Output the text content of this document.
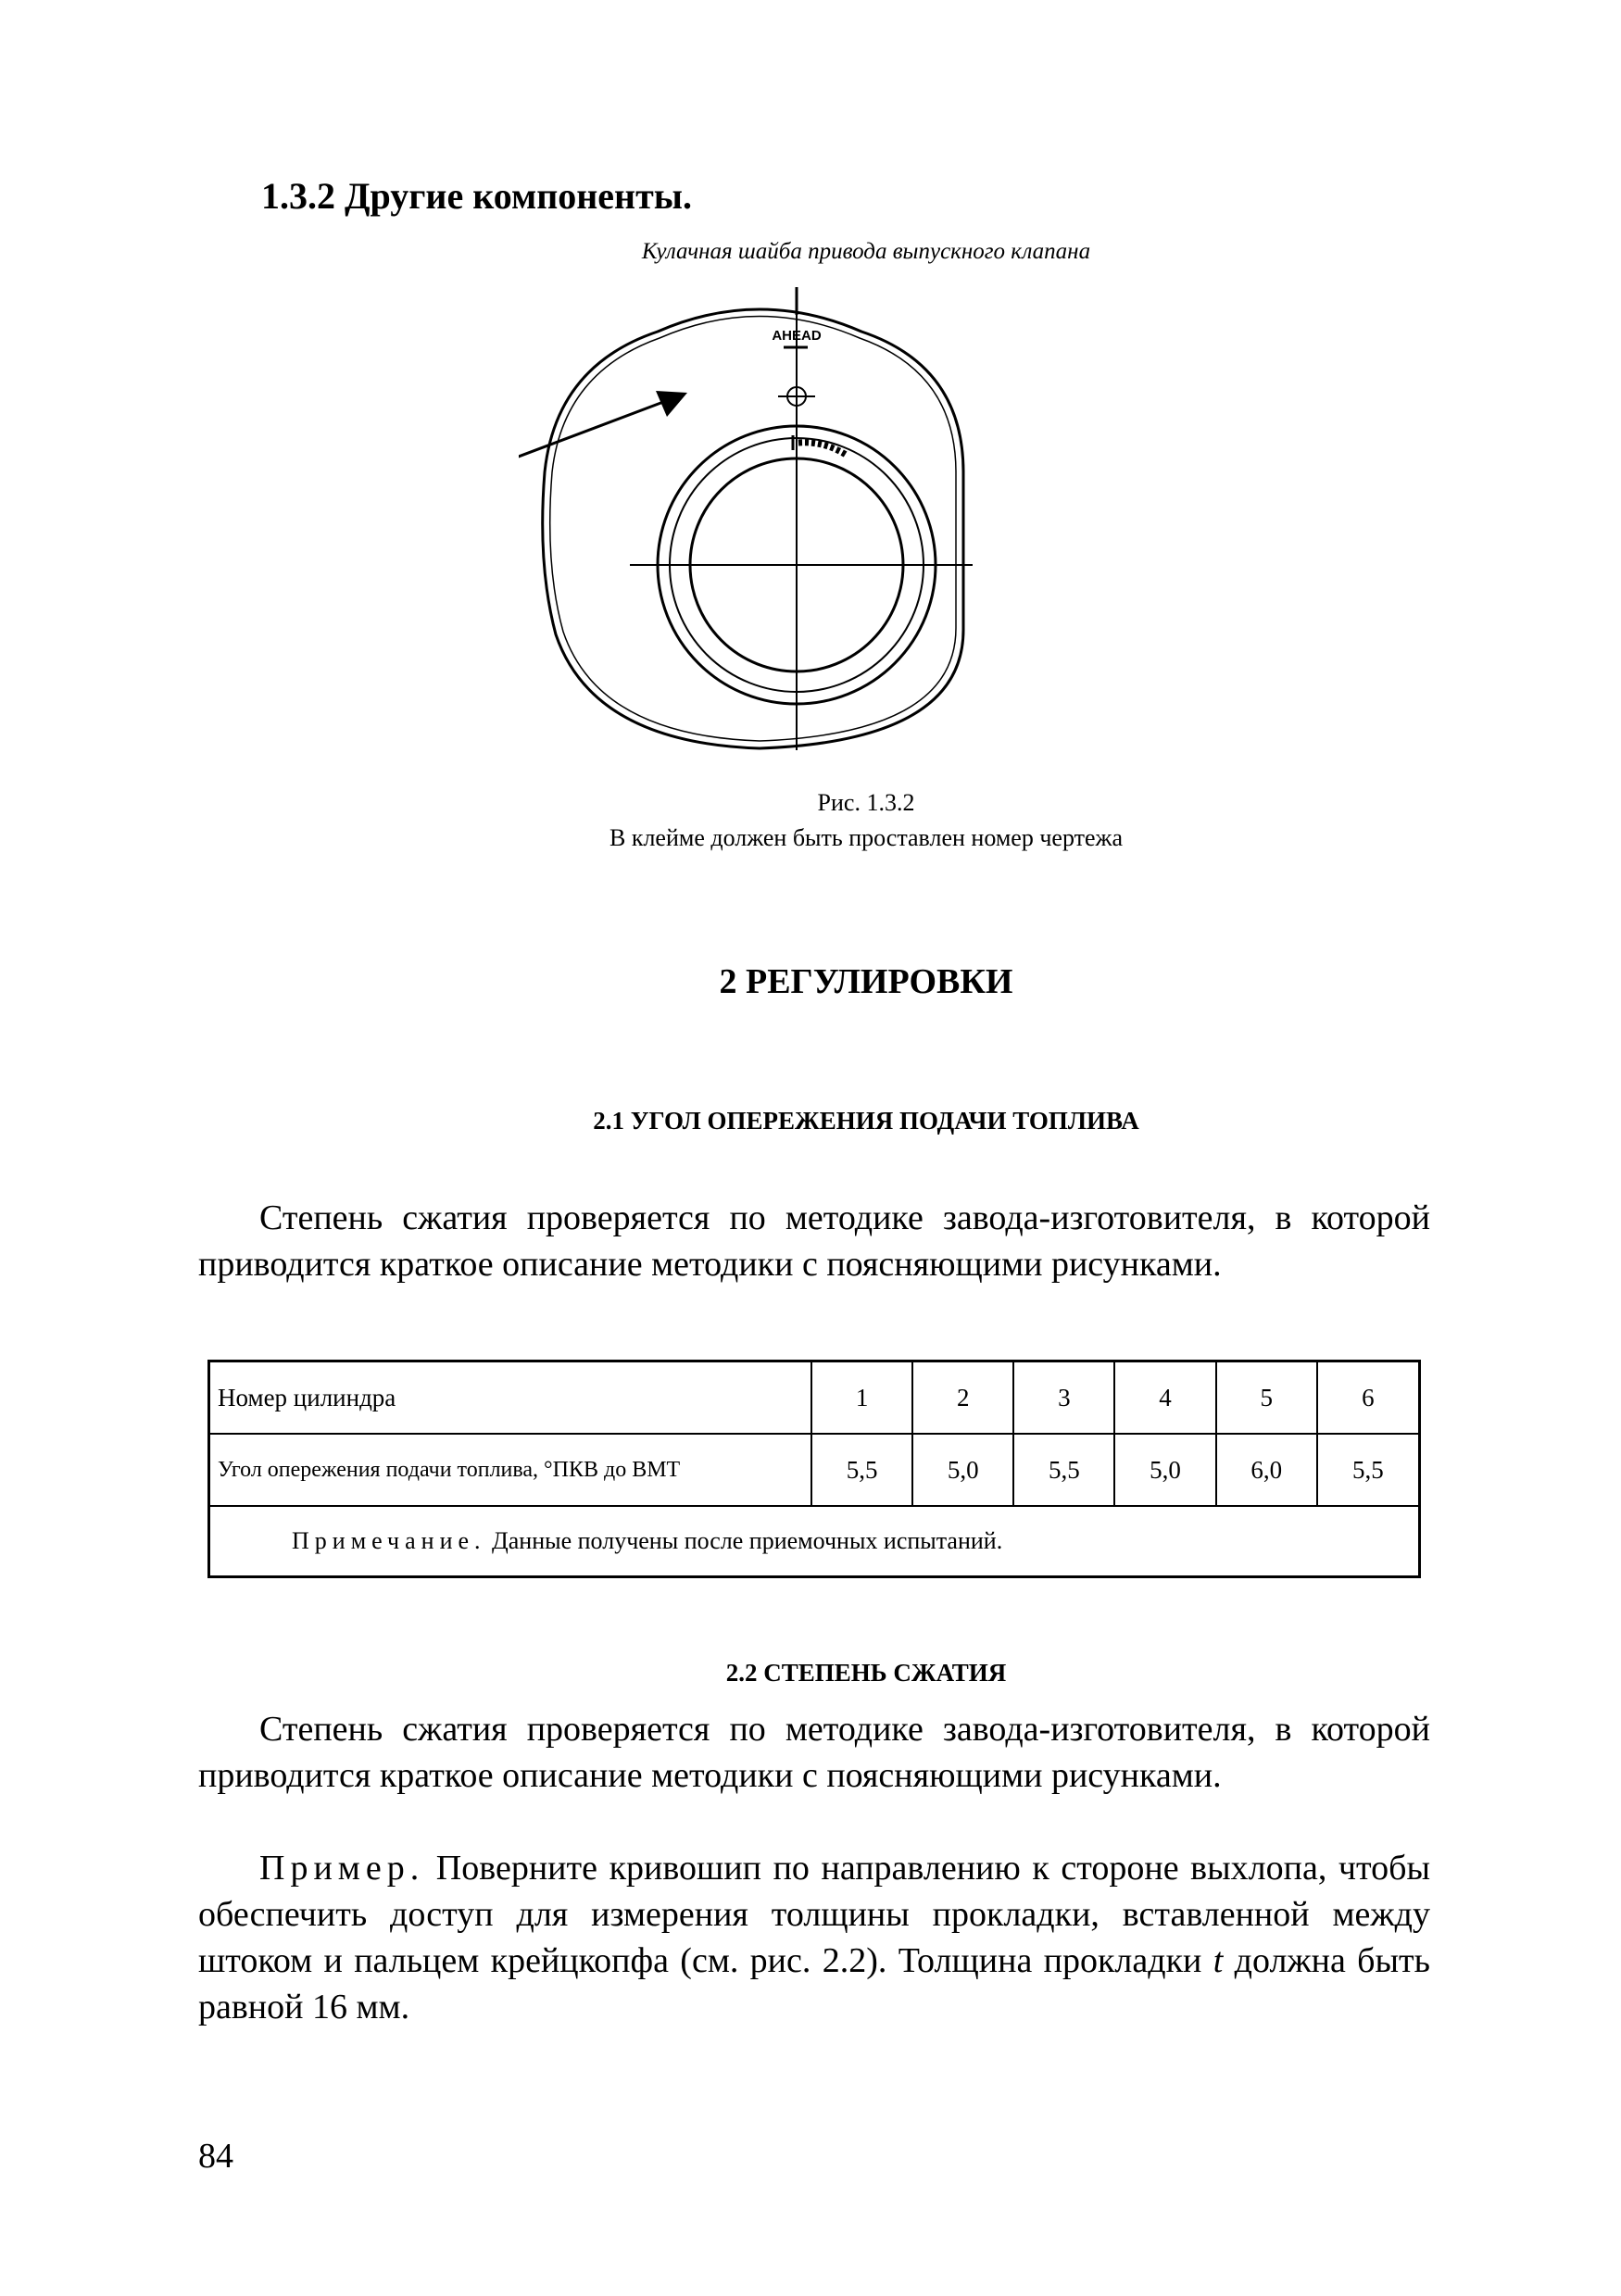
1.3.2 Другие компоненты.
Кулачная шайба привода выпускного клапана
AHEAD
Рис. 1.3.2
В клейме должен быть проставлен номер чертежа
2 РЕГУЛИРОВКИ
2.1 УГОЛ ОПЕРЕЖЕНИЯ ПОДАЧИ ТОПЛИВА

Степень сжатия проверяется по методике завода-изготовителя, в которой приводится краткое описание методики с поясняющими рисунками.

Номер цилиндра	1	2	3	4	5	6
Угол опережения подачи топлива, °ПКВ до ВМТ	5,5	5,0	5,5	5,0	6,0	5,5
Примечание. Данные получены после приемочных испытаний.						
2.2 СТЕПЕНЬ СЖАТИЯ

Степень сжатия проверяется по методике завода-изготовителя, в которой приводится краткое описание методики с поясняющими рисунками.

Пример. Поверните кривошип по направлению к стороне выхлопа, чтобы обеспечить доступ для измерения толщины прокладки, вставленной между штоком и пальцем крейцкопфа (см. рис. 2.2). Толщина прокладки t должна быть равной 16 мм.

84
